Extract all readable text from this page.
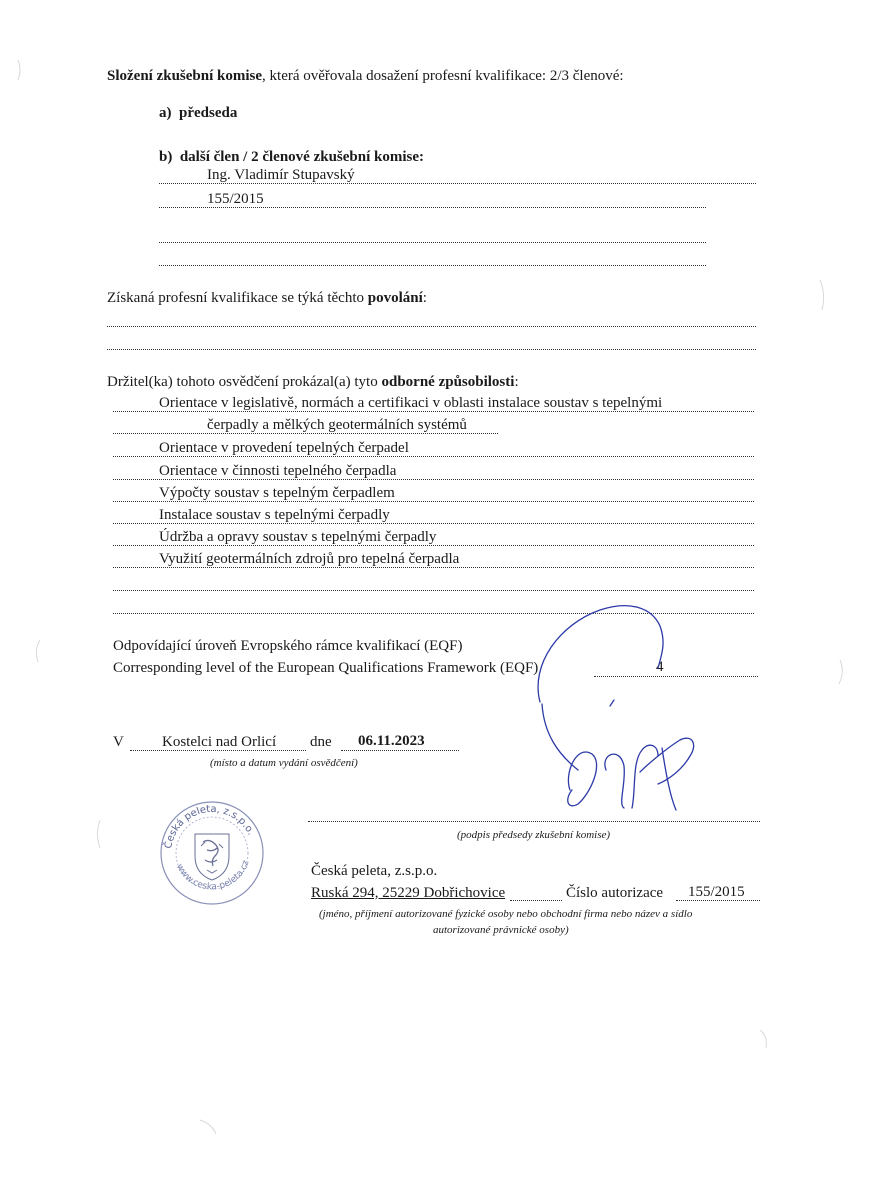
Složení zkušební komise, která ověřovala dosažení profesní kvalifikace: 2/3 členové:
a) předseda
b) další člen / 2 členové zkušební komise:
Ing. Vladimír Stupavský
155/2015
Získaná profesní kvalifikace se týká těchto povolání:
Držitel(ka) tohoto osvědčení prokázal(a) tyto odborné způsobilosti:
Orientace v legislativě, normách a certifikaci v oblasti instalace soustav s tepelnými
čerpadly a mělkých geotermálních systémů
Orientace v provedení tepelných čerpadel
Orientace v činnosti tepelného čerpadla
Výpočty soustav s tepelným čerpadlem
Instalace soustav s tepelnými čerpadly
Údržba a opravy soustav s tepelnými čerpadly
Využití geotermálních zdrojů pro tepelná čerpadla
Odpovídající úroveň Evropského rámce kvalifikací (EQF)
Corresponding level of the European Qualifications Framework (EQF)	4
V	Kostelci nad Orlicí dne 06.11.2023
(místo a datum vydání osvědčení)
(podpis předsedy zkušební komise)
Česká peleta, z.s.p.o.
www.ceska-peleta.cz	Česká peleta, z.s.p.o.
Ruská 294, 25229 Dobřichovice	Číslo autorizace 155/2015
(jméno, příjmení autorizované fyzické osoby nebo obchodní firma nebo název a sídlo
autorizované právnické osoby)
